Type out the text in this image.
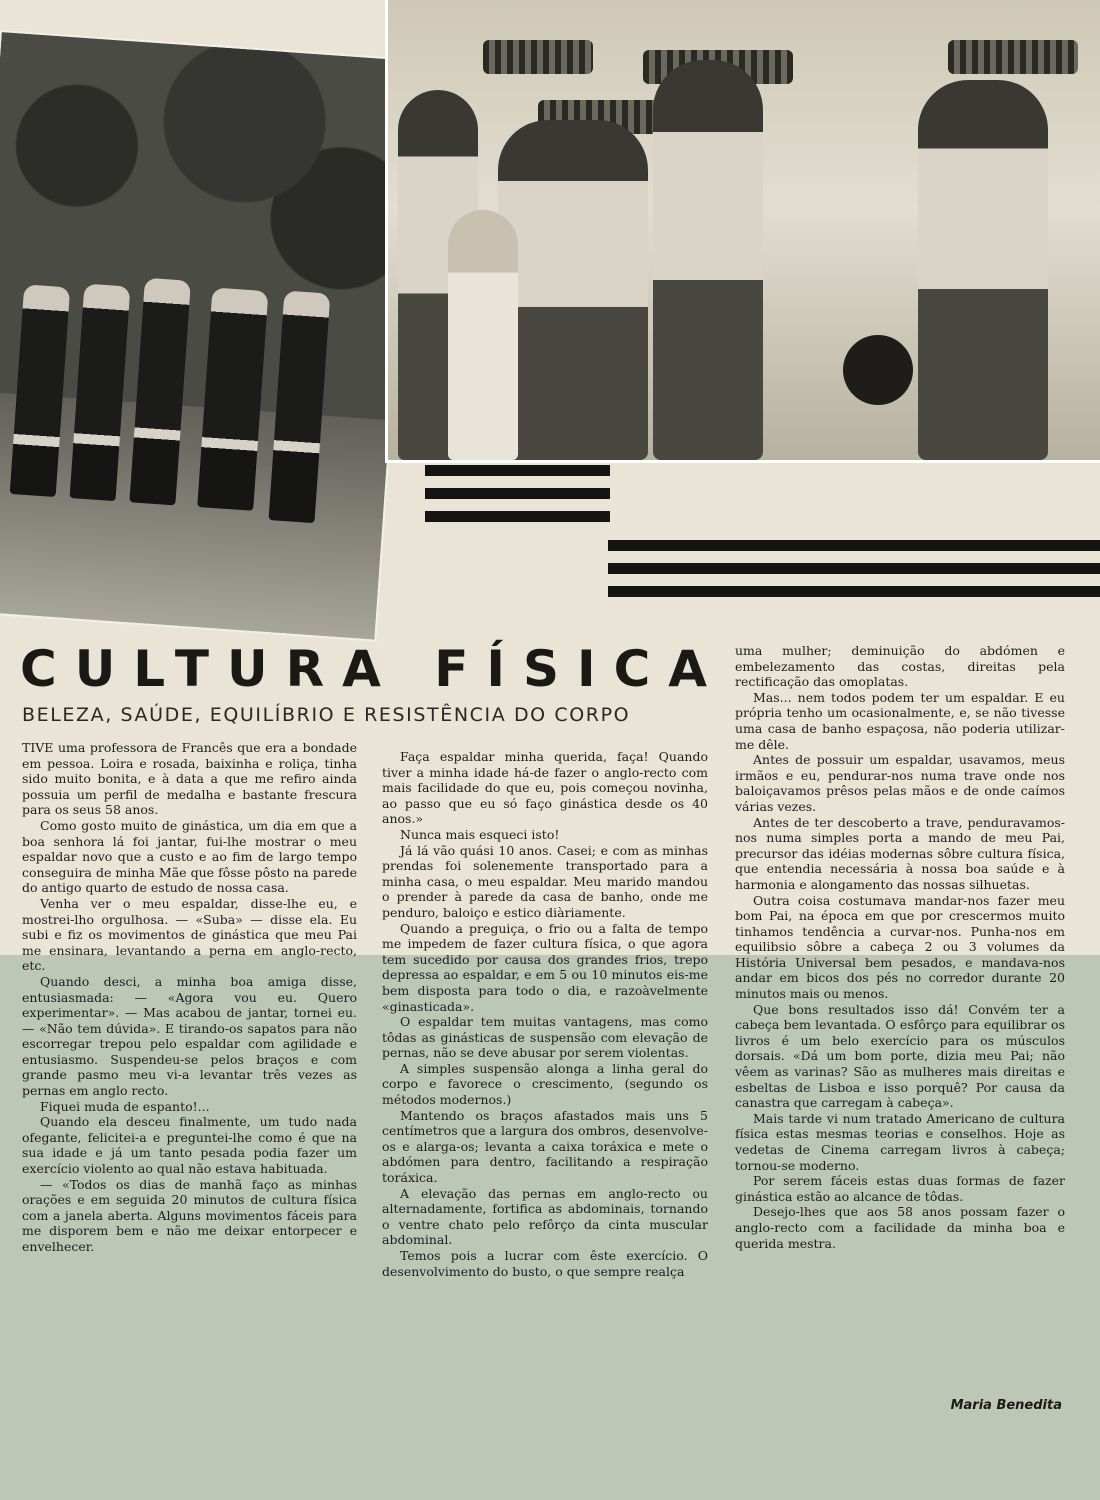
CULTURA FÍSICA
BELEZA, SAÚDE, EQUILÍBRIO E RESISTÊNCIA DO CORPO

TIVE uma professora de Francês que era a bondade em pessoa. Loira e rosada, baixinha e roliça, tinha sido muito bonita, e à data a que me refiro ainda possuia um perfil de medalha e bastante frescura para os seus 58 anos.

Como gosto muito de ginástica, um dia em que a boa senhora lá foi jantar, fui-lhe mostrar o meu espaldar novo que a custo e ao fim de largo tempo conseguira de minha Mãe que fôsse pôsto na parede do antigo quarto de estudo de nossa casa.

Venha ver o meu espaldar, disse-lhe eu, e mostrei-lho orgulhosa. — «Suba» — disse ela. Eu subi e fiz os movimentos de ginástica que meu Pai me ensinara, levantando a perna em anglo-recto, etc.

Quando desci, a minha boa amiga disse, entusiasmada: — «Agora vou eu. Quero experimentar». — Mas acabou de jantar, tornei eu. — «Não tem dúvida». E tirando-os sapatos para não escorregar trepou pelo espaldar com agilidade e entusiasmo. Suspendeu-se pelos braços e com grande pasmo meu vi-a levantar três vezes as pernas em anglo recto.

Fiquei muda de espanto!...

Quando ela desceu finalmente, um tudo nada ofegante, felicitei-a e preguntei-lhe como é que na sua idade e já um tanto pesada podia fazer um exercício violento ao qual não estava habituada.

— «Todos os dias de manhã faço as minhas orações e em seguida 20 minutos de cultura física com a janela aberta. Alguns movimentos fáceis para me disporem bem e não me deixar entorpecer e envelhecer.

Faça espaldar minha querida, faça! Quando tiver a minha idade há-de fazer o anglo-recto com mais facilidade do que eu, pois começou novinha, ao passo que eu só faço ginástica desde os 40 anos.»

Nunca mais esqueci isto!

Já lá vão quási 10 anos. Casei; e com as minhas prendas foi solenemente transportado para a minha casa, o meu espaldar. Meu marido mandou o prender à parede da casa de banho, onde me penduro, baloiço e estico diàriamente.

Quando a preguiça, o frio ou a falta de tempo me impedem de fazer cultura física, o que agora tem sucedido por causa dos grandes frios, trepo depressa ao espaldar, e em 5 ou 10 minutos eis-me bem disposta para todo o dia, e razoàvelmente «ginasticada».

O espaldar tem muitas vantagens, mas como tôdas as ginásticas de suspensão com elevação de pernas, não se deve abusar por serem violentas.

A simples suspensão alonga a linha geral do corpo e favorece o crescimento, (segundo os métodos modernos.)

Mantendo os braços afastados mais uns 5 centímetros que a largura dos ombros, desenvolve-os e alarga-os; levanta a caixa toráxica e mete o abdómen para dentro, facilitando a respiração toráxica.

A elevação das pernas em anglo-recto ou alternadamente, fortifica as abdominais, tornando o ventre chato pelo refôrço da cinta muscular abdominal.

Temos pois a lucrar com êste exercício. O desenvolvimento do busto, o que sempre realça

uma mulher; deminuição do abdómen e embelezamento das costas, direitas pela rectificação das omoplatas.

Mas... nem todos podem ter um espaldar. E eu própria tenho um ocasionalmente, e, se não tivesse uma casa de banho espaçosa, não poderia utilizar-me dêle.

Antes de possuir um espaldar, usavamos, meus irmãos e eu, pendurar-nos numa trave onde nos baloiçavamos prêsos pelas mãos e de onde caímos várias vezes.

Antes de ter descoberto a trave, penduravamos-nos numa simples porta a mando de meu Pai, precursor das idéias modernas sôbre cultura física, que entendia necessária à nossa boa saúde e à harmonia e alongamento das nossas silhuetas.

Outra coisa costumava mandar-nos fazer meu bom Pai, na época em que por crescermos muito tinhamos tendência a curvar-nos. Punha-nos em equilibsio sôbre a cabeça 2 ou 3 volumes da História Universal bem pesados, e mandava-nos andar em bicos dos pés no corredor durante 20 minutos mais ou menos.

Que bons resultados isso dá! Convém ter a cabeça bem levantada. O esfôrço para equilibrar os livros é um belo exercício para os músculos dorsais. «Dá um bom porte, dizia meu Pai; não vêem as varinas? São as mulheres mais direitas e esbeltas de Lisboa e isso porquê? Por causa da canastra que carregam à cabeça».

Mais tarde vi num tratado Americano de cultura física estas mesmas teorias e conselhos. Hoje as vedetas de Cinema carregam livros à cabeça; tornou-se moderno.

Por serem fáceis estas duas formas de fazer ginástica estão ao alcance de tôdas.

Desejo-lhes que aos 58 anos possam fazer o anglo-recto com a facilidade da minha boa e querida mestra.

Maria Benedita
